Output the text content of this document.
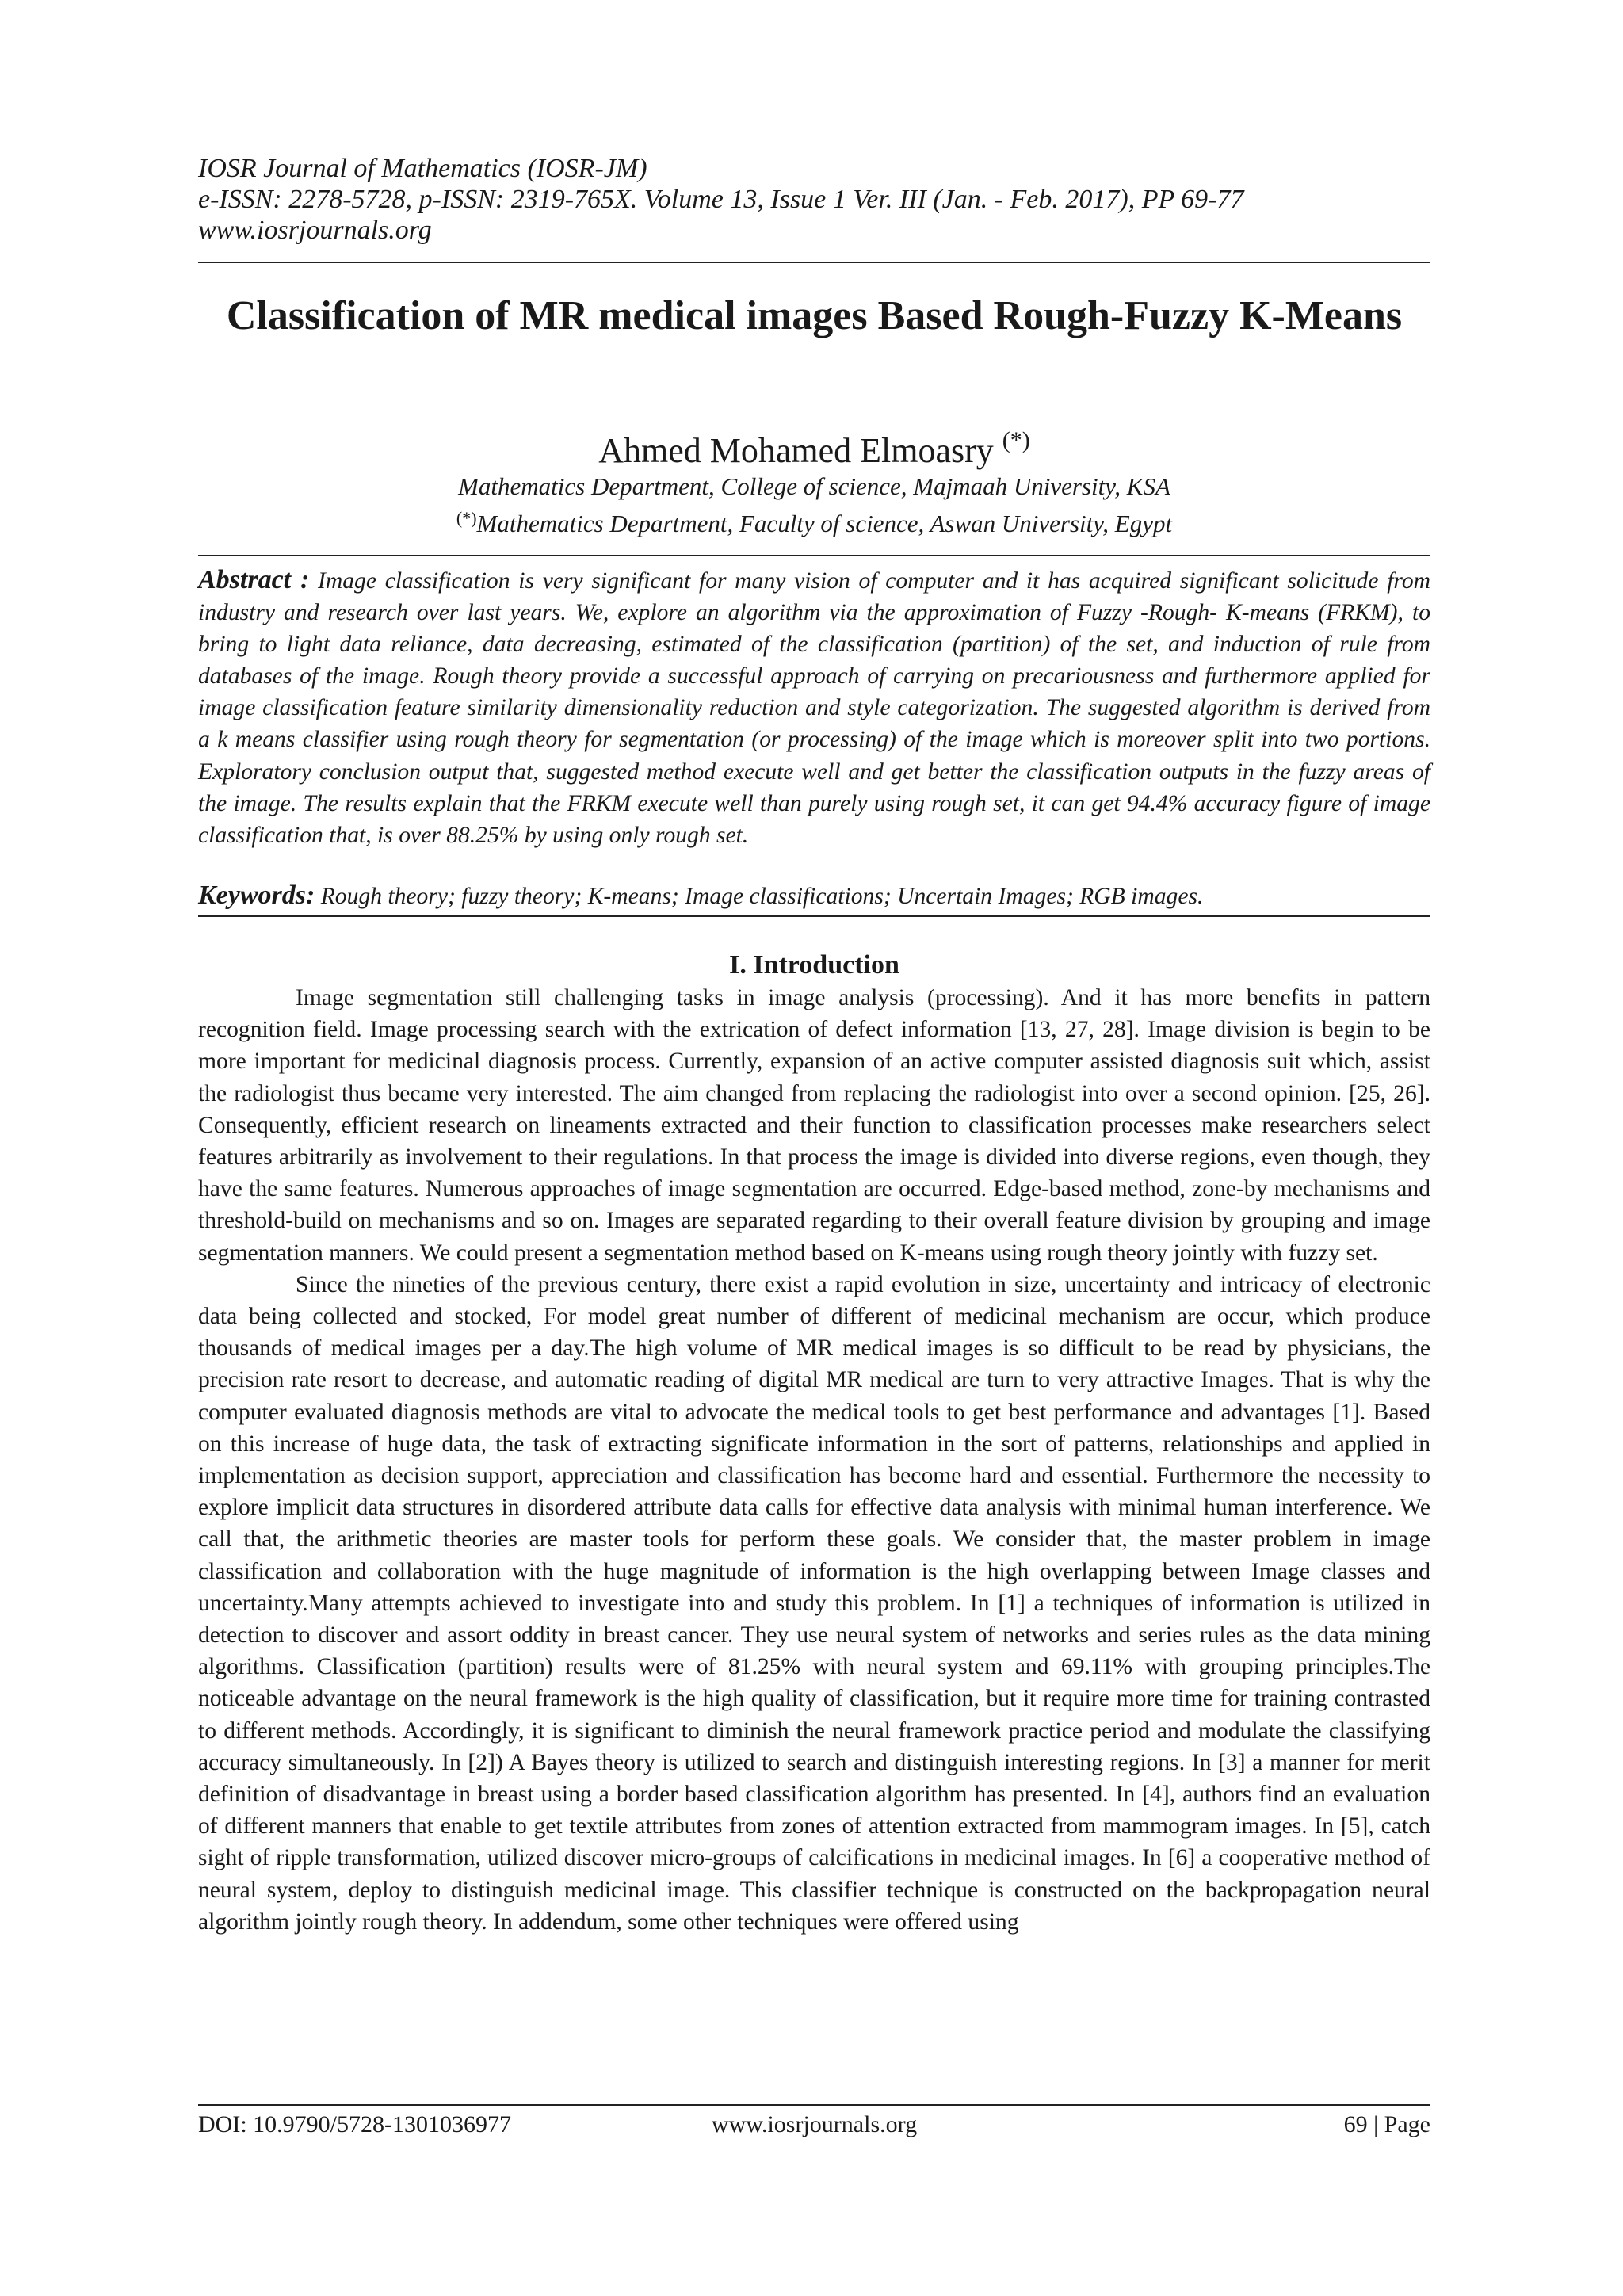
IOSR Journal of Mathematics (IOSR-JM)
e-ISSN: 2278-5728, p-ISSN: 2319-765X. Volume 13, Issue 1 Ver. III (Jan. - Feb. 2017), PP 69-77
www.iosrjournals.org
Classification of MR medical images Based Rough-Fuzzy K-Means
Ahmed Mohamed Elmoasry (*)
Mathematics Department, College of science, Majmaah University, KSA
(*)Mathematics Department, Faculty of science, Aswan University, Egypt
Abstract : Image classification is very significant for many vision of computer and it has acquired significant solicitude from industry and research over last years. We, explore an algorithm via the approximation of Fuzzy -Rough- K-means (FRKM), to bring to light data reliance, data decreasing, estimated of the classification (partition) of the set, and induction of rule from databases of the image. Rough theory provide a successful approach of carrying on precariousness and furthermore applied for image classification feature similarity dimensionality reduction and style categorization. The suggested algorithm is derived from a k means classifier using rough theory for segmentation (or processing) of the image which is moreover split into two portions. Exploratory conclusion output that, suggested method execute well and get better the classification outputs in the fuzzy areas of the image. The results explain that the FRKM execute well than purely using rough set, it can get 94.4% accuracy figure of image classification that, is over 88.25% by using only rough set.
Keywords: Rough theory; fuzzy theory; K-means; Image classifications; Uncertain Images; RGB images.
I. Introduction

Image segmentation still challenging tasks in image analysis (processing). And it has more benefits in pattern recognition field. Image processing search with the extrication of defect information [13, 27, 28]. Image division is begin to be more important for medicinal diagnosis process. Currently, expansion of an active computer assisted diagnosis suit which, assist the radiologist thus became very interested. The aim changed from replacing the radiologist into over a second opinion. [25, 26]. Consequently, efficient research on lineaments extracted and their function to classification processes make researchers select features arbitrarily as involvement to their regulations. In that process the image is divided into diverse regions, even though, they have the same features. Numerous approaches of image segmentation are occurred. Edge-based method, zone-by mechanisms and threshold-build on mechanisms and so on. Images are separated regarding to their overall feature division by grouping and image segmentation manners. We could present a segmentation method based on K-means using rough theory jointly with fuzzy set.

Since the nineties of the previous century, there exist a rapid evolution in size, uncertainty and intricacy of electronic data being collected and stocked, For model great number of different of medicinal mechanism are occur, which produce thousands of medical images per a day.The high volume of MR medical images is so difficult to be read by physicians, the precision rate resort to decrease, and automatic reading of digital MR medical are turn to very attractive Images. That is why the computer evaluated diagnosis methods are vital to advocate the medical tools to get best performance and advantages [1]. Based on this increase of huge data, the task of extracting significate information in the sort of patterns, relationships and applied in implementation as decision support, appreciation and classification has become hard and essential. Furthermore the necessity to explore implicit data structures in disordered attribute data calls for effective data analysis with minimal human interference. We call that, the arithmetic theories are master tools for perform these goals. We consider that, the master problem in image classification and collaboration with the huge magnitude of information is the high overlapping between Image classes and uncertainty.Many attempts achieved to investigate into and study this problem. In [1] a techniques of information is utilized in detection to discover and assort oddity in breast cancer. They use neural system of networks and series rules as the data mining algorithms. Classification (partition) results were of 81.25% with neural system and 69.11% with grouping principles.The noticeable advantage on the neural framework is the high quality of classification, but it require more time for training contrasted to different methods. Accordingly, it is significant to diminish the neural framework practice period and modulate the classifying accuracy simultaneously. In [2]) A Bayes theory is utilized to search and distinguish interesting regions. In [3] a manner for merit definition of disadvantage in breast using a border based classification algorithm has presented. In [4], authors find an evaluation of different manners that enable to get textile attributes from zones of attention extracted from mammogram images. In [5], catch sight of ripple transformation, utilized discover micro-groups of calcifications in medicinal images. In [6] a cooperative method of neural system, deploy to distinguish medicinal image. This classifier technique is constructed on the backpropagation neural algorithm jointly rough theory. In addendum, some other techniques were offered using

DOI: 10.9790/5728-1301036977	www.iosrjournals.org	69 | Page
